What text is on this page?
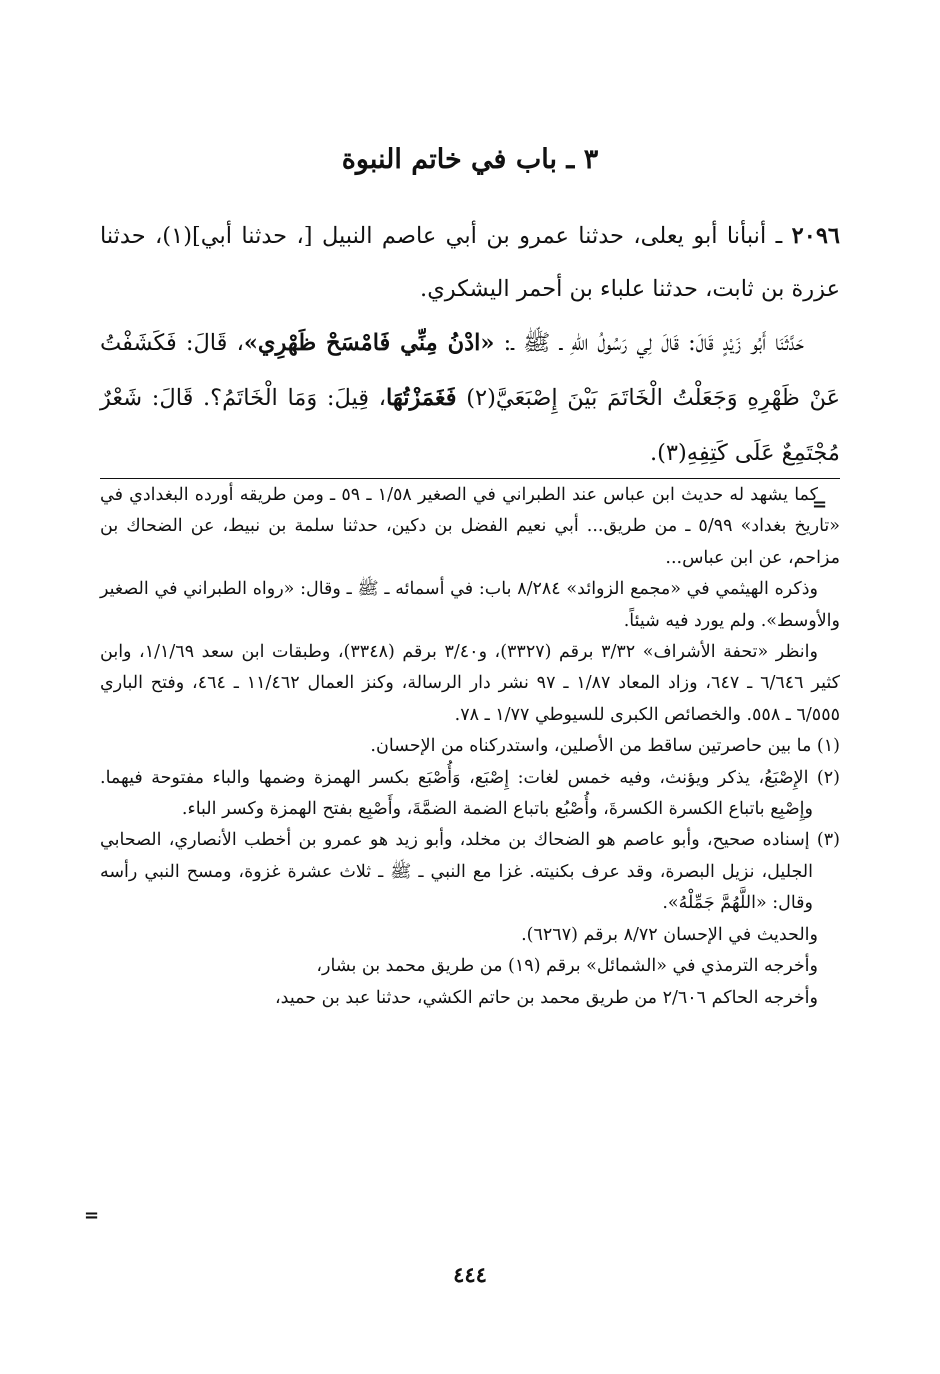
٣ ـ باب في خاتم النبوة

٢٠٩٦ ـ أنبأنا أبو يعلى، حدثنا عمرو بن أبي عاصم النبيل [، حدثنا أبي](١)، حدثنا عزرة بن ثابت، حدثنا علباء بن أحمر اليشكري.

حَدَّثَنَا أَبُو زَيْدٍ قَالَ: قَالَ لِي رَسُولُ اللهِ ـ ﷺ ـ: «ادْنُ مِنِّي فَامْسَحْ ظَهْرِي»، قَالَ: فَكَشَفْتُ عَنْ ظَهْرِهِ وَجَعَلْتُ الْخَاتَمَ بَيْنَ إِصْبَعَيَّ(٢) فَغَمَزْتُهَا، قِيلَ: وَمَا الْخَاتَمُ؟. قَالَ: شَعْرٌ مُجْتَمِعٌ عَلَى كَتِفِهِ(٣).

=

كما يشهد له حديث ابن عباس عند الطبراني في الصغير ١/٥٨ ـ ٥٩ ـ ومن طريقه أورده البغدادي في «تاريخ بغداد» ٥/٩٩ ـ من طريق... أبي نعيم الفضل بن دكين، حدثنا سلمة بن نبيط، عن الضحاك بن مزاحم، عن ابن عباس...

وذكره الهيثمي في «مجمع الزوائد» ٨/٢٨٤ باب: في أسمائه ـ ﷺ ـ وقال: «رواه الطبراني في الصغير والأوسط». ولم يورد فيه شيئاً.

وانظر «تحفة الأشراف» ٣/٣٢ برقم (٣٣٢٧)، و٣/٤٠ برقم (٣٣٤٨)، وطبقات ابن سعد ١/١/٦٩، وابن كثير ٦/٦٤٦ ـ ٦٤٧، وزاد المعاد ١/٨٧ ـ ٩٧ نشر دار الرسالة، وكنز العمال ١١/٤٦٢ ـ ٤٦٤، وفتح الباري ٦/٥٥٥ ـ ٥٥٨. والخصائص الكبرى للسيوطي ١/٧٧ ـ ٧٨.

(١) ما بين حاصرتين ساقط من الأصلين، واستدركناه من الإحسان.

(٢) الإِصْبَعُ، يذكر ويؤنث، وفيه خمس لغات: إِصْبَع، وَأُصْبَع بكسر الهمزة وضمها والباء مفتوحة فيهما. وإِصْبِع باتباع الكسرة الكسرةَ، وأُصْبُع باتباع الضمة الضمَّةَ، وأَصْبِع بفتح الهمزة وكسر الباء.

(٣) إسناده صحيح، وأبو عاصم هو الضحاك بن مخلد، وأبو زيد هو عمرو بن أخطب الأنصاري، الصحابي الجليل، نزيل البصرة، وقد عرف بكنيته. غزا مع النبي ـ ﷺ ـ ثلاث عشرة غزوة، ومسح النبي رأسه وقال: «اللَّهُمَّ جَمِّلْهُ».

والحديث في الإحسان ٨/٧٢ برقم (٦٢٦٧).

وأخرجه الترمذي في «الشمائل» برقم (١٩) من طريق محمد بن بشار،

وأخرجه الحاكم ٢/٦٠٦ من طريق محمد بن حاتم الكشي، حدثنا عبد بن حميد،

=
٤٤٤
